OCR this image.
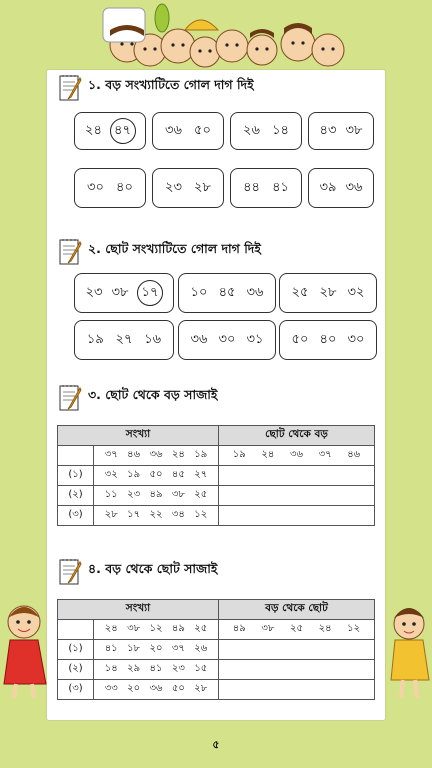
১. বড় সংখ্যাটিতে গোল দাগ দিই
২৪ ৪৭	৩৬ ৫০ ২৬ ১৪ ৪৩ ৩৮
৩০ ৪০ ২৩ ২৮ ৪৪ ৪১ ৩৯ ৩৬
২. ছোট সংখ্যাটিতে গোল দাগ দিই
২৩ ৩৮	১৭	১০ ৪৫ ৩৬ ২৫ ২৮ ৩২
১৯ ২৭ ১৬ ৩৬ ৩০ ৩১ ৫০ ৪০ ৩০
৩. ছোট থেকে বড় সাজাই
সংখ্যা		ছোট থেকে বড়

	৩৭ ৪৬ ৩৬ ২৪ ১৯	১৯ ২৪ ৩৬ ৩৭ ৪৬

(১)	৩২ ১৯ ৫০ ৪৫ ২৭	

(২)	১১ ২৩ ৪৯ ৩৮ ২৫	

(৩)	২৮ ১৭ ২২ ৩৪ ১২	

৪. বড় থেকে ছোট সাজাই
সংখ্যা		বড় থেকে ছোট

	২৪ ৩৮ ১২ ৪৯ ২৫	৪৯ ৩৮ ২৫ ২৪ ১২

(১)	৪১ ১৮ ২০ ৩৭ ২৬	

(২)	১৪ ২৯ ৪১ ২৩ ১৫	

(৩)	৩৩ ২০ ৩৬ ৫০ ২৮	

৫
